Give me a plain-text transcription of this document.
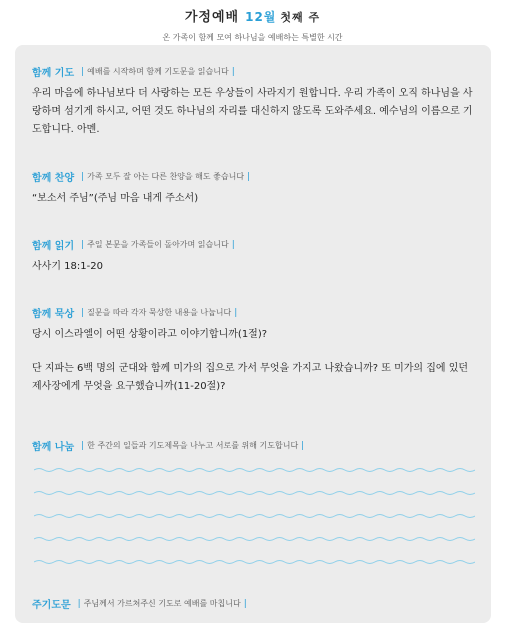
가정예배 12월 첫째 주
온 가족이 함께 모여 하나님을 예배하는 특별한 시간
함께 기도 | 예배를 시작하며 함께 기도문을 읽습니다 |
우리 마음에 하나님보다 더 사랑하는 모든 우상들이 사라지기 원합니다. 우리 가족이 오직 하나님을 사랑하며 섬기게 하시고, 어떤 것도 하나님의 자리를 대신하지 않도록 도와주세요. 예수님의 이름으로 기도합니다. 아멘.
함께 찬양 | 가족 모두 잘 아는 다른 찬양을 해도 좋습니다 |
“보소서 주님”(주님 마음 내게 주소서)
함께 읽기 | 주일 본문을 가족들이 돌아가며 읽습니다 |
사사기 18:1-20
함께 묵상 | 질문을 따라 각자 묵상한 내용을 나눕니다 |
당시 이스라엘이 어떤 상황이라고 이야기합니까(1절)?
단 지파는 6백 명의 군대와 함께 미가의 집으로 가서 무엇을 가지고 나왔습니까? 또 미가의 집에 있던 제사장에게 무엇을 요구했습니까(11-20절)?
함께 나눔 | 한 주간의 일들과 기도제목을 나누고 서로를 위해 기도합니다 |
주기도문 | 주님께서 가르쳐주신 기도로 예배를 마칩니다 |
